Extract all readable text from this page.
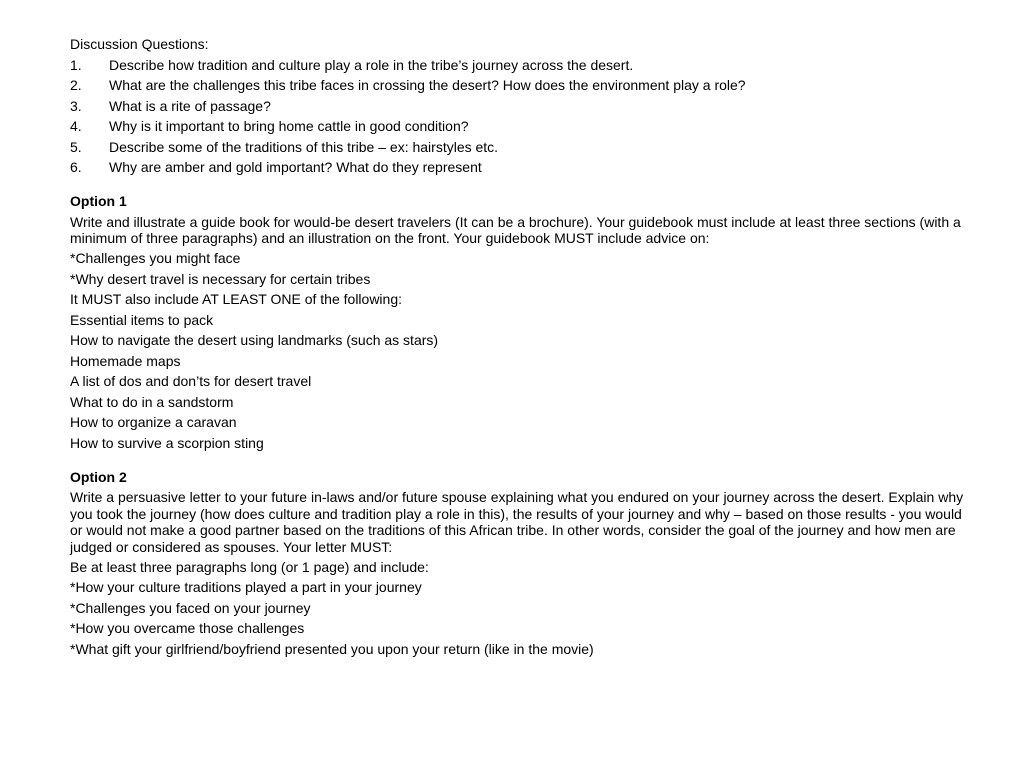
Discussion Questions:
1.	Describe how tradition and culture play a role in the tribe’s journey across the desert.
2.	What are the challenges this tribe faces in crossing the desert? How does the environment play a role?
3.	What is a rite of passage?
4.	Why is it important to bring home cattle in good condition?
5.	Describe some of the traditions of this tribe – ex: hairstyles etc.
6.	Why are amber and gold important? What do they represent
Option 1
Write and illustrate a guide book for would-be desert travelers (It can be a brochure). Your guidebook must include at least three sections (with a minimum of three paragraphs) and an illustration on the front. Your guidebook MUST include advice on:
*Challenges you might face
*Why desert travel is necessary for certain tribes
It MUST also include AT LEAST ONE of the following:
Essential items to pack
How to navigate the desert using landmarks (such as stars)
Homemade maps
A list of dos and don’ts for desert travel
What to do in a sandstorm
How to organize a caravan
How to survive a scorpion sting
Option 2
Write a persuasive letter to your future in-laws and/or future spouse explaining what you endured on your journey across the desert. Explain why you took the journey (how does culture and tradition play a role in this), the results of your journey and why – based on those results - you would or would not make a good partner based on the traditions of this African tribe. In other words, consider the goal of the journey and how men are judged or considered as spouses. Your letter MUST:
Be at least three paragraphs long (or 1 page) and include:
*How your culture traditions played a part in your journey
*Challenges you faced on your journey
*How you overcame those challenges
*What gift your girlfriend/boyfriend presented you upon your return (like in the movie)
